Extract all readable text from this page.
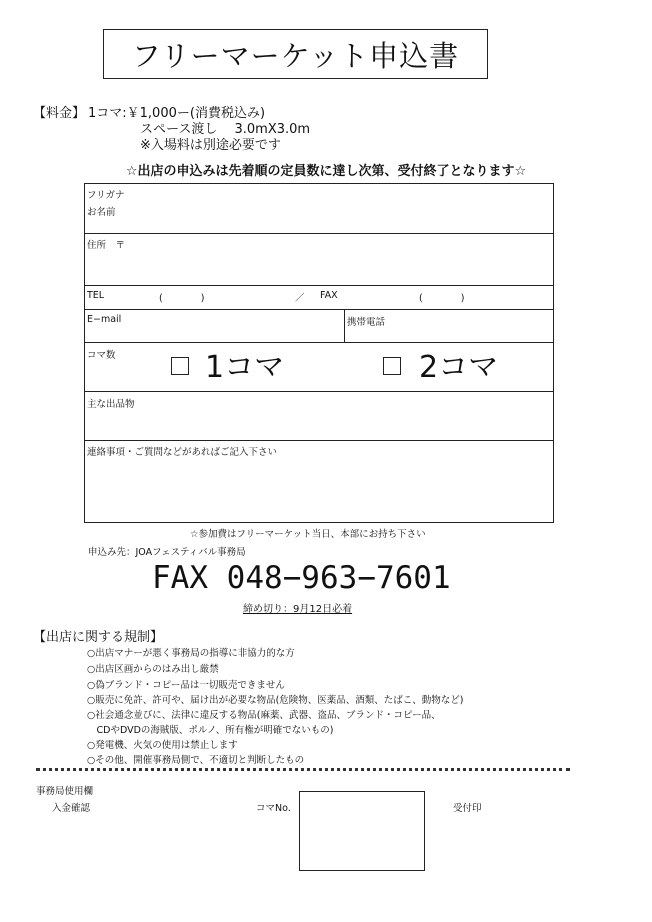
フリーマーケット申込書
【料金】 1コマ:￥1,000ー(消費税込み)
スペース渡し　 3.0mX3.0m
※入場料は別途必要です
☆出店の申込みは先着順の定員数に達し次第、受付終了となります☆
フリガナ
お名前
住所　〒
TEL	(　　　　)	／ FAX	(　　　　)
E−mail	携帯電話
コマ数	1コマ	2コマ
主な出品物
連絡事項・ご質問などがあればご記入下さい
☆参加費はフリーマーケット当日、本部にお持ち下さい
申込み先：JOAフェスティバル事務局
FAX 048−963−7601
締め切り：9月12日必着
【出店に関する規制】
○出店マナーが悪く事務局の指導に非協力的な方
○出店区画からのはみ出し厳禁
○偽ブランド・コピー品は一切販売できません
○販売に免許、許可や、届け出が必要な物品(危険物、医薬品、酒類、たばこ、動物など)
○社会通念並びに、法律に違反する物品(麻薬、武器、盗品、ブランド・コピー品、
　CDやDVDの海賊版、ポルノ、所有権が明確でないもの)
○発電機、火気の使用は禁止します
○その他、開催事務局側で、不適切と判断したもの
事務局使用欄
入金確認	コマNo.	受付印
